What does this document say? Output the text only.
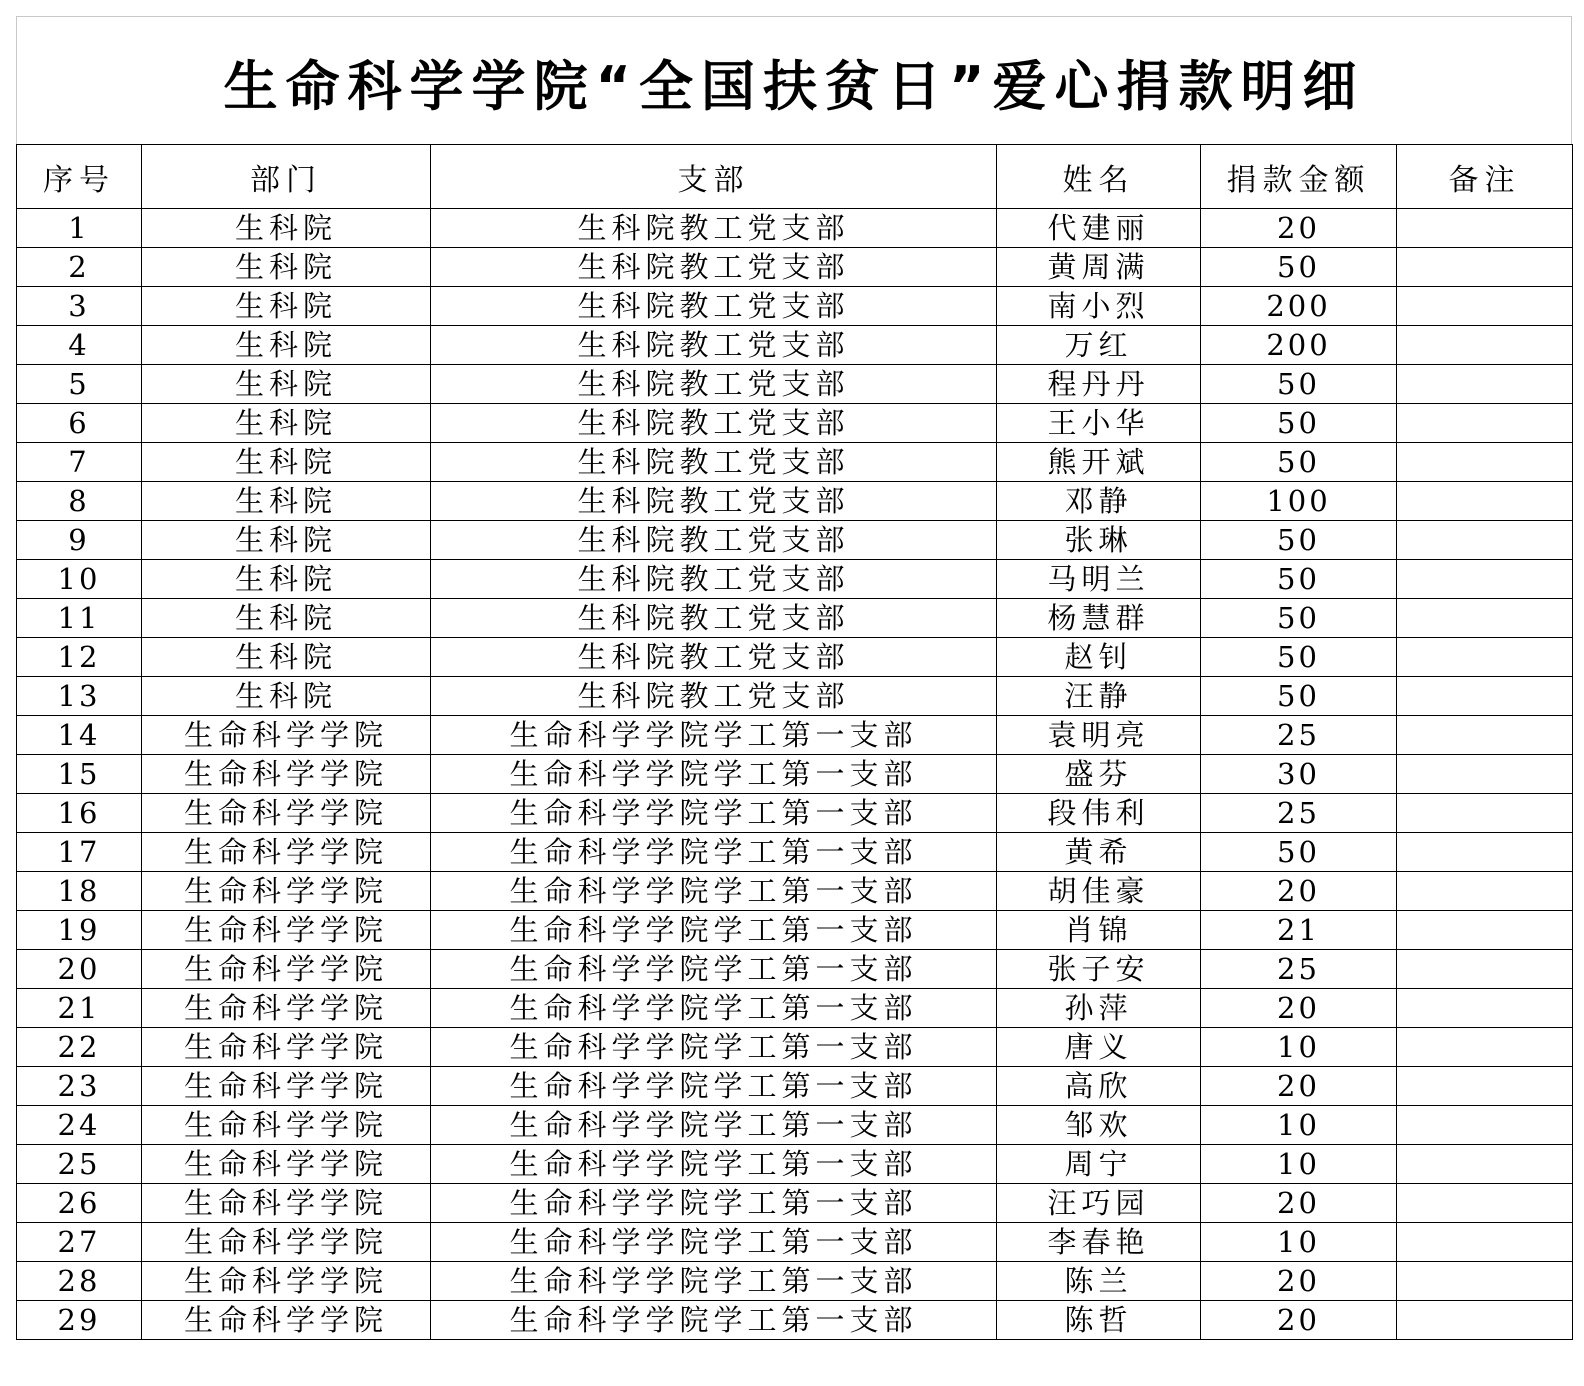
生命科学学院“全国扶贫日”爱心捐款明细
序号	部门	支部	姓名	捐款金额	备注
1	生科院	生科院教工党支部	代建丽	20	
2	生科院	生科院教工党支部	黄周满	50	
3	生科院	生科院教工党支部	南小烈	200	
4	生科院	生科院教工党支部	万红	200	
5	生科院	生科院教工党支部	程丹丹	50	
6	生科院	生科院教工党支部	王小华	50	
7	生科院	生科院教工党支部	熊开斌	50	
8	生科院	生科院教工党支部	邓静	100	
9	生科院	生科院教工党支部	张琳	50	
10	生科院	生科院教工党支部	马明兰	50	
11	生科院	生科院教工党支部	杨慧群	50	
12	生科院	生科院教工党支部	赵钊	50	
13	生科院	生科院教工党支部	汪静	50	
14	生命科学学院	生命科学学院学工第一支部	袁明亮	25	
15	生命科学学院	生命科学学院学工第一支部	盛芬	30	
16	生命科学学院	生命科学学院学工第一支部	段伟利	25	
17	生命科学学院	生命科学学院学工第一支部	黄希	50	
18	生命科学学院	生命科学学院学工第一支部	胡佳豪	20	
19	生命科学学院	生命科学学院学工第一支部	肖锦	21	
20	生命科学学院	生命科学学院学工第一支部	张子安	25	
21	生命科学学院	生命科学学院学工第一支部	孙萍	20	
22	生命科学学院	生命科学学院学工第一支部	唐义	10	
23	生命科学学院	生命科学学院学工第一支部	高欣	20	
24	生命科学学院	生命科学学院学工第一支部	邹欢	10	
25	生命科学学院	生命科学学院学工第一支部	周宁	10	
26	生命科学学院	生命科学学院学工第一支部	汪巧园	20	
27	生命科学学院	生命科学学院学工第一支部	李春艳	10	
28	生命科学学院	生命科学学院学工第一支部	陈兰	20	
29	生命科学学院	生命科学学院学工第一支部	陈哲	20	
